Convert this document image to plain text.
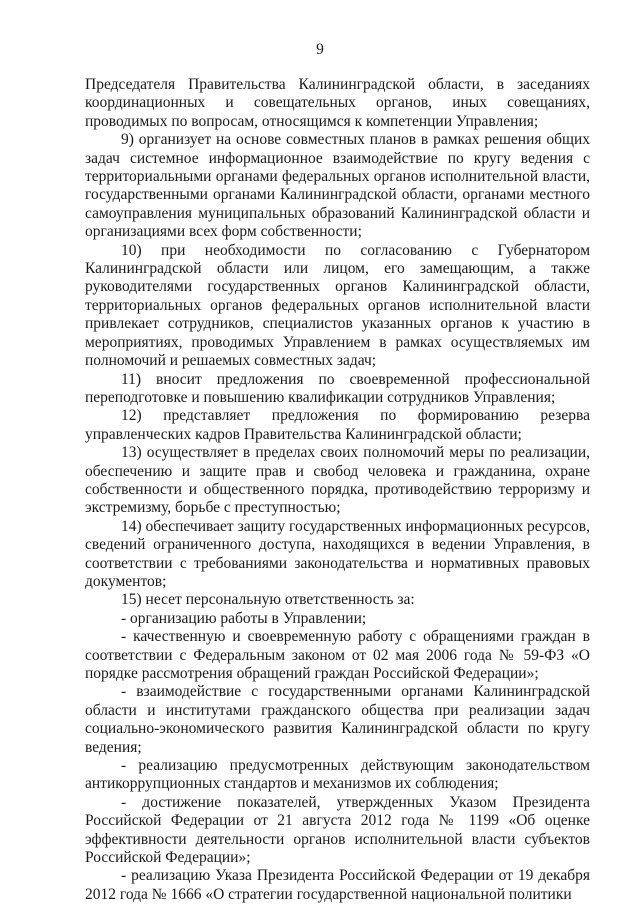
9

Председателя Правительства Калининградской области, в заседаниях координационных и совещательных органов, иных совещаниях, проводимых по вопросам, относящимся к компетенции Управления;

9) организует на основе совместных планов в рамках решения общих задач системное информационное взаимодействие по кругу ведения с территориальными органами федеральных органов исполнительной власти, государственными органами Калининградской области, органами местного самоуправления муниципальных образований Калининградской области и организациями всех форм собственности;

10) при необходимости по согласованию с Губернатором Калининградской области или лицом, его замещающим, а также руководителями государственных органов Калининградской области, территориальных органов федеральных органов исполнительной власти привлекает сотрудников, специалистов указанных органов к участию в мероприятиях, проводимых Управлением в рамках осуществляемых им полномочий и решаемых совместных задач;

11) вносит предложения по своевременной профессиональной переподготовке и повышению квалификации сотрудников Управления;

12) представляет предложения по формированию резерва управленческих кадров Правительства Калининградской области;

13) осуществляет в пределах своих полномочий меры по реализации, обеспечению и защите прав и свобод человека и гражданина, охране собственности и общественного порядка, противодействию терроризму и экстремизму, борьбе с преступностью;

14) обеспечивает защиту государственных информационных ресурсов, сведений ограниченного доступа, находящихся в ведении Управления, в соответствии с требованиями законодательства и нормативных правовых документов;

15) несет персональную ответственность за:

- организацию работы в Управлении;

- качественную и своевременную работу с обращениями граждан в соответствии с Федеральным законом от 02 мая 2006 года № 59-ФЗ «О порядке рассмотрения обращений граждан Российской Федерации»;

- взаимодействие с государственными органами Калининградской области и институтами гражданского общества при реализации задач социально-экономического развития Калининградской области по кругу ведения;

- реализацию предусмотренных действующим законодательством антикоррупционных стандартов и механизмов их соблюдения;

- достижение показателей, утвержденных Указом Президента Российской Федерации от 21 августа 2012 года № 1199 «Об оценке эффективности деятельности органов исполнительной власти субъектов Российской Федерации»;

- реализацию Указа Президента Российской Федерации от 19 декабря 2012 года № 1666 «О стратегии государственной национальной политики
